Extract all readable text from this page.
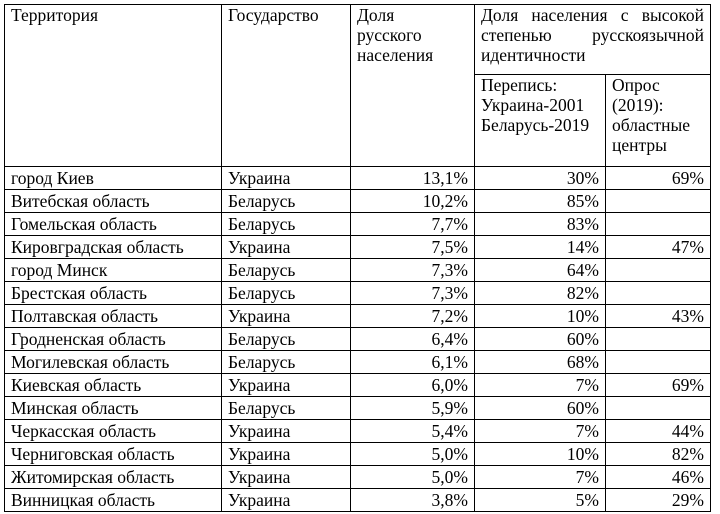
Территория	Государство	Доля русского населения	Доля населения с высокой степенью русскоязычной идентичности	
			Перепись: Украина-2001 Беларусь-2019	Опрос (2019): областные центры
город Киев	Украина	13,1%	30%	69%
Витебская область	Беларусь	10,2%	85%	
Гомельская область	Беларусь	7,7%	83%	
Кировградская область	Украина	7,5%	14%	47%
город Минск	Беларусь	7,3%	64%	
Брестская область	Беларусь	7,3%	82%	
Полтавская область	Украина	7,2%	10%	43%
Гродненская область	Беларусь	6,4%	60%	
Могилевская область	Беларусь	6,1%	68%	
Киевская область	Украина	6,0%	7%	69%
Минская область	Беларусь	5,9%	60%	
Черкасская область	Украина	5,4%	7%	44%
Черниговская область	Украина	5,0%	10%	82%
Житомирская область	Украина	5,0%	7%	46%
Винницкая область	Украина	3,8%	5%	29%
